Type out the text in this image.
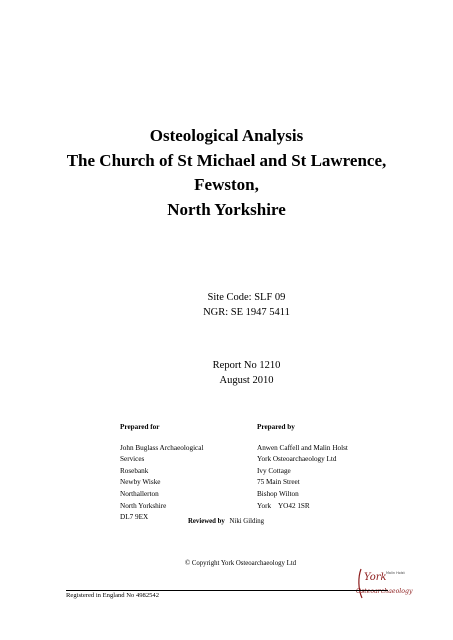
Osteological Analysis
The Church of St Michael and St Lawrence,
Fewston,
North Yorkshire
Site Code: SLF 09
NGR: SE 1947 5411
Report No 1210
August 2010
Prepared for
John Buglass Archaeological
Services
Rosebank
Newby Wiske
Northallerton
North Yorkshire
DL7 9EX
Prepared by
Anwen Caffell and Malin Holst
York Osteoarchaeology Ltd
Ivy Cottage
75 Main Street
Bishop Wilton
York    YO42 1SR
Reviewed by Niki Gilding
© Copyright York Osteoarchaeology Ltd
York Malin Holst
Osteoarchaeology
Registered in England No 4982542
